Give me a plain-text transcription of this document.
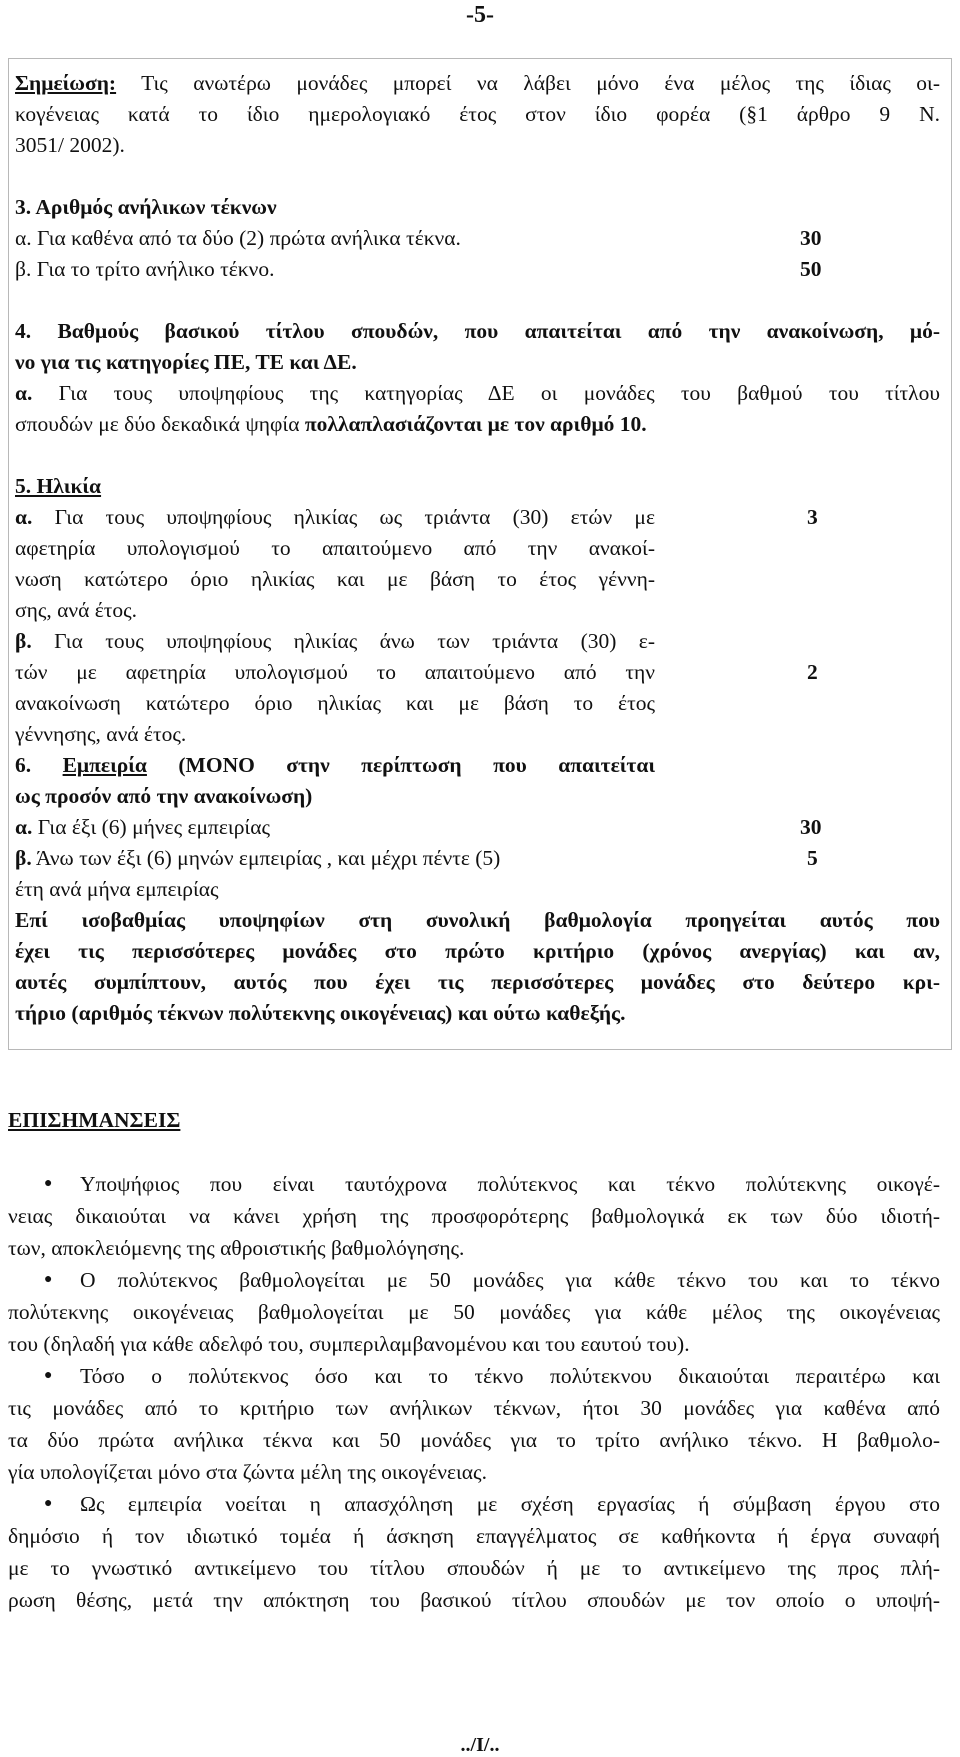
-5-
Σημείωση: Τις ανωτέρω μονάδες μπορεί να λάβει μόνο ένα μέλος της ίδιας οι-
κογένειας κατά το ίδιο ημερολογιακό έτος στον ίδιο φορέα (§1 άρθρο 9 Ν.
3051/ 2002).
3. Αριθμός ανήλικων τέκνων
α. Για καθένα από τα δύο (2) πρώτα ανήλικα τέκνα.	30
β. Για το τρίτο ανήλικο τέκνο.	50
4. Βαθμούς βασικού τίτλου σπουδών, που απαιτείται από την ανακοίνωση, μό-
νο για τις κατηγορίες ΠΕ, ΤΕ και ΔΕ.
α. Για τους υποψηφίους της κατηγορίας ΔΕ οι μονάδες του βαθμού του τίτλου
σπουδών με δύο δεκαδικά ψηφία πολλαπλασιάζονται με τον αριθμό 10.
5. Ηλικία
α. Για τους υποψηφίους ηλικίας ως τριάντα (30) ετών με
αφετηρία υπολογισμού το απαιτούμενο από την ανακοί-
νωση κατώτερο όριο ηλικίας και με βάση το έτος γέννη-
σης, ανά έτος.
3
β. Για τους υποψηφίους ηλικίας άνω των τριάντα (30) ε-
τών με αφετηρία υπολογισμού το απαιτούμενο από την
ανακοίνωση κατώτερο όριο ηλικίας και με βάση το έτος
γέννησης, ανά έτος.
2
6. Εμπειρία (ΜΟΝΟ στην περίπτωση που απαιτείται
ως προσόν από την ανακοίνωση)
α. Για έξι (6) μήνες εμπειρίας	30
β. Άνω των έξι (6) μηνών εμπειρίας , και μέχρι πέντε (5)	5
έτη ανά μήνα εμπειρίας
Επί ισοβαθμίας υποψηφίων στη συνολική βαθμολογία προηγείται αυτός που
έχει τις περισσότερες μονάδες στο πρώτο κριτήριο (χρόνος ανεργίας) και αν,
αυτές συμπίπτουν, αυτός που έχει τις περισσότερες μονάδες στο δεύτερο κρι-
τήριο (αριθμός τέκνων πολύτεκνης οικογένειας) και ούτω καθεξής.
ΕΠΙΣΗΜΑΝΣΕΙΣ
● Υποψήφιος που είναι ταυτόχρονα πολύτεκνος και τέκνο πολύτεκνης οικογέ-
νειας δικαιούται να κάνει χρήση της προσφορότερης βαθμολογικά εκ των δύο ιδιοτή-
των, αποκλειόμενης της αθροιστικής βαθμολόγησης.
● Ο πολύτεκνος βαθμολογείται με 50 μονάδες για κάθε τέκνο του και το τέκνο
πολύτεκνης οικογένειας βαθμολογείται με 50 μονάδες για κάθε μέλος της οικογένειας
του (δηλαδή για κάθε αδελφό του, συμπεριλαμβανομένου και του εαυτού του).
● Τόσο ο πολύτεκνος όσο και το τέκνο πολύτεκνου δικαιούται περαιτέρω και
τις μονάδες από το κριτήριο των ανήλικων τέκνων, ήτοι 30 μονάδες για καθένα από
τα δύο πρώτα ανήλικα τέκνα και 50 μονάδες για το τρίτο ανήλικο τέκνο. Η βαθμολο-
γία υπολογίζεται μόνο στα ζώντα μέλη της οικογένειας.
● Ως εμπειρία νοείται η απασχόληση με σχέση εργασίας ή σύμβαση έργου στο
δημόσιο ή τον ιδιωτικό τομέα ή άσκηση επαγγέλματος σε καθήκοντα ή έργα συναφή
με το γνωστικό αντικείμενο του τίτλου σπουδών ή με το αντικείμενο της προς πλή-
ρωση θέσης, μετά την απόκτηση του βασικού τίτλου σπουδών με τον οποίο ο υποψή-
../I/..
